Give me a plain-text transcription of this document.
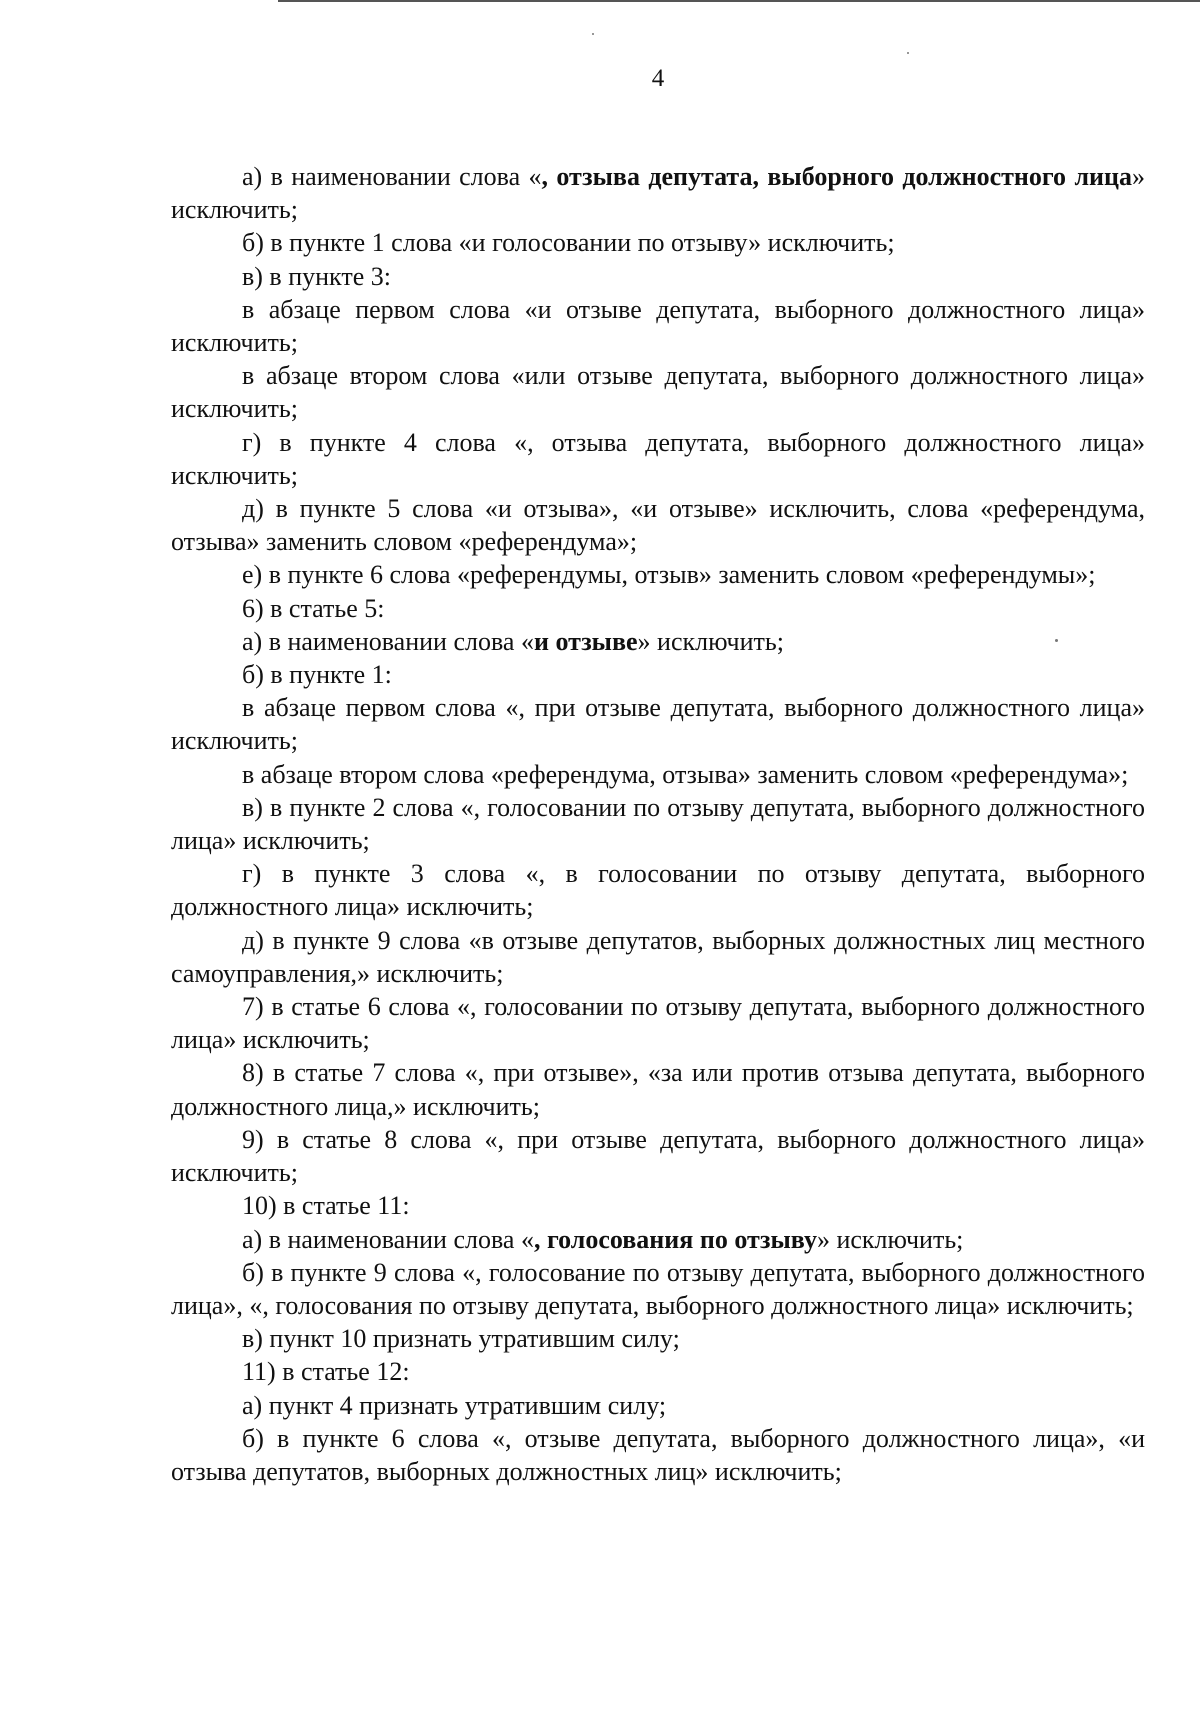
4

а) в наименовании слова «, отзыва депутата, выборного должностного лица» исключить;

б) в пункте 1 слова «и голосовании по отзыву» исключить;

в) в пункте 3:

в абзаце первом слова «и отзыве депутата, выборного должностного лица» исключить;

в абзаце втором слова «или отзыве депутата, выборного должностного лица» исключить;

г) в пункте 4 слова «, отзыва депутата, выборного должностного лица» исключить;

д) в пункте 5 слова «и отзыва», «и отзыве» исключить, слова «референдума, отзыва» заменить словом «референдума»;

е) в пункте 6 слова «референдумы, отзыв» заменить словом «референдумы»;

6) в статье 5:

а) в наименовании слова «и отзыве» исключить;

б) в пункте 1:

в абзаце первом слова «, при отзыве депутата, выборного должностного лица» исключить;

в абзаце втором слова «референдума, отзыва» заменить словом «референдума»;

в) в пункте 2 слова «, голосовании по отзыву депутата, выборного должностного лица» исключить;

г) в пункте 3 слова «, в голосовании по отзыву депутата, выборного должностного лица» исключить;

д) в пункте 9 слова «в отзыве депутатов, выборных должностных лиц местного самоуправления,» исключить;

7) в статье 6 слова «, голосовании по отзыву депутата, выборного должностного лица» исключить;

8) в статье 7 слова «, при отзыве», «за или против отзыва депутата, выборного должностного лица,» исключить;

9) в статье 8 слова «, при отзыве депутата, выборного должностного лица» исключить;

10) в статье 11:

а) в наименовании слова «, голосования по отзыву» исключить;

б) в пункте 9 слова «, голосование по отзыву депутата, выборного должностного лица», «, голосования по отзыву депутата, выборного должностного лица» исключить;

в) пункт 10 признать утратившим силу;

11) в статье 12:

а) пункт 4 признать утратившим силу;

б) в пункте 6 слова «, отзыве депутата, выборного должностного лица», «и отзыва депутатов, выборных должностных лиц» исключить;
